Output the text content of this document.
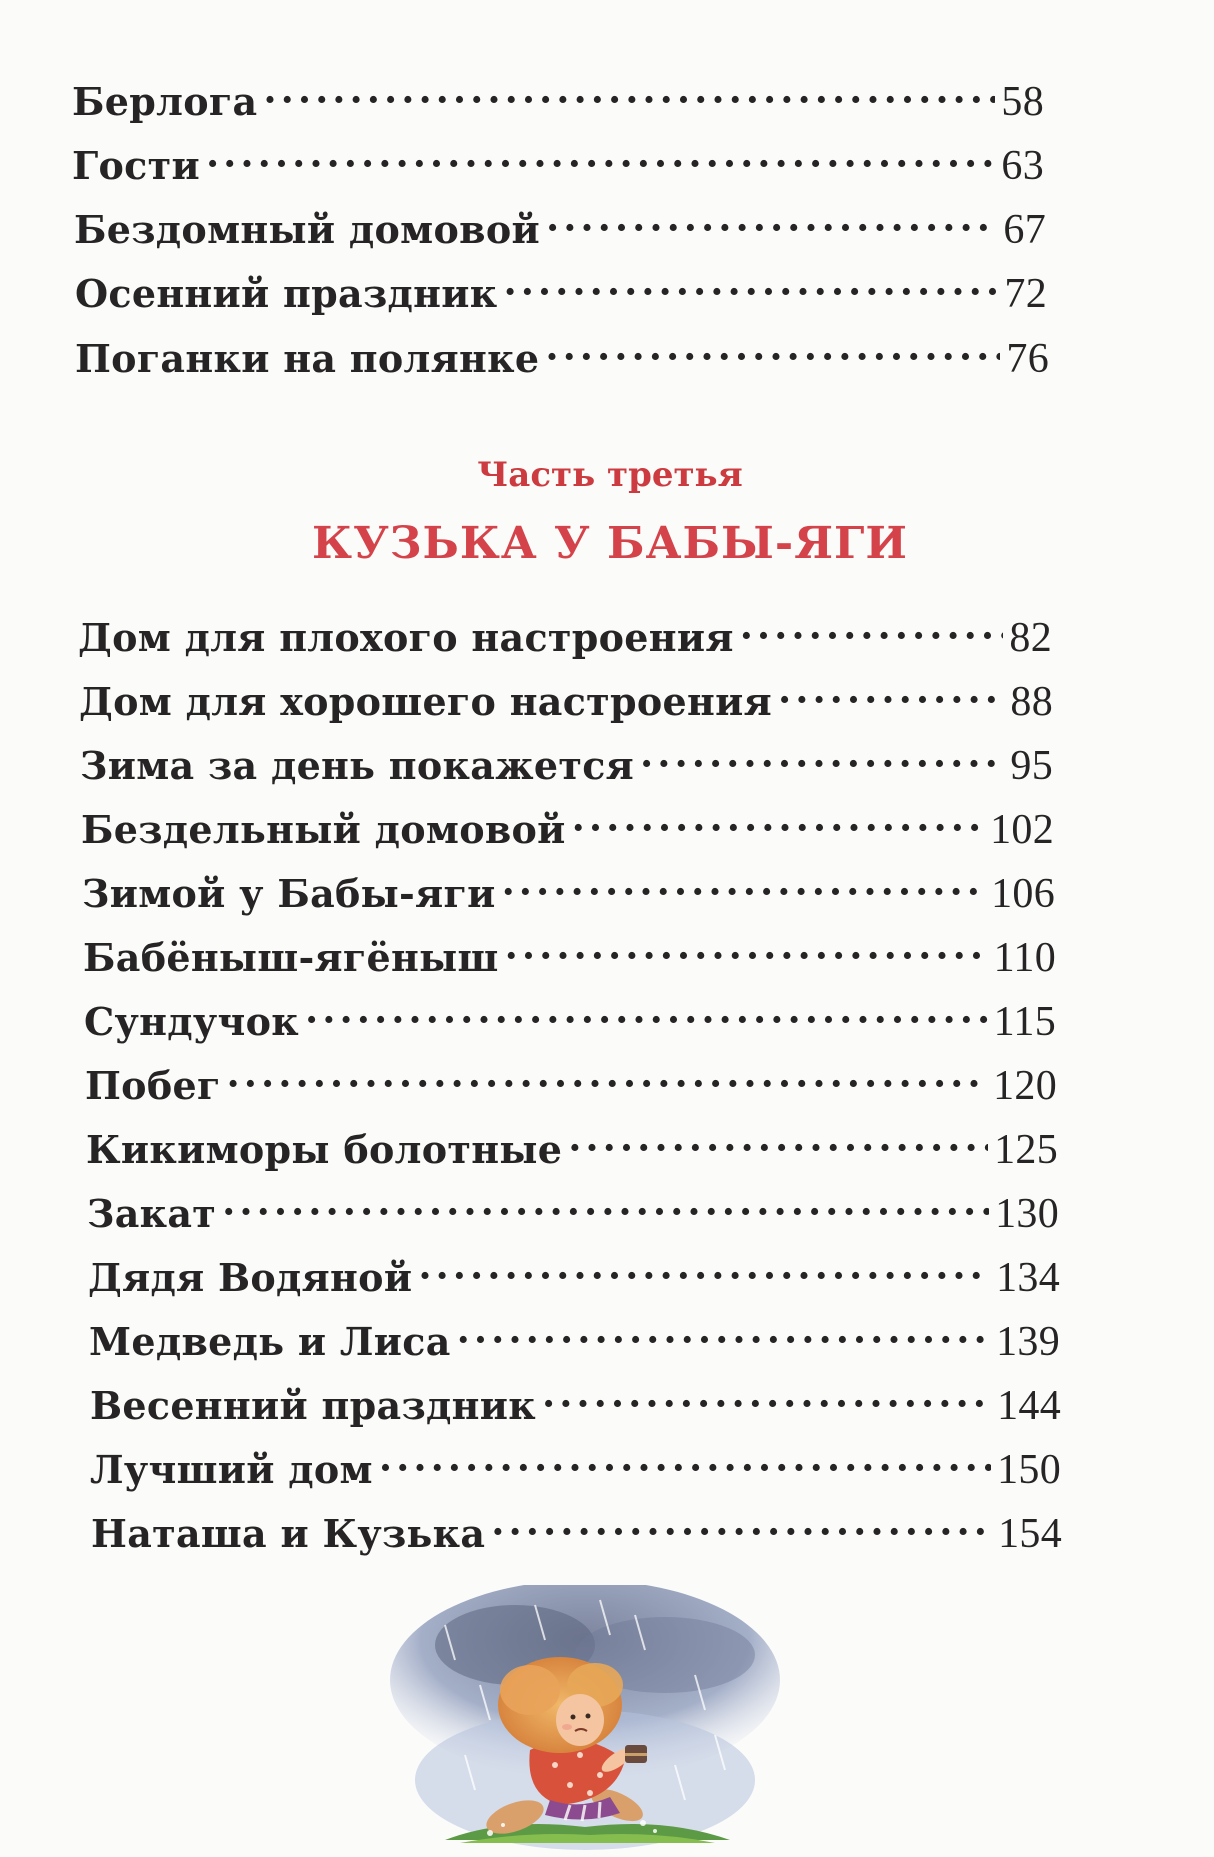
Берлога ·····	58
Гости ·····	63
Бездомный домовой ·····	67
Осенний праздник ·····	72
Поганки на полянке ·····	76
Часть третья
КУЗЬКА У БАБЫ-ЯГИ
Дом для плохого настроения ·····	82
Дом для хорошего настроения ·····	88
Зима за день покажется ·····	95
Бездельный домовой ·····	102
Зимой у Бабы-яги ·····	106
Бабёныш-ягёныш ·····	110
Сундучок ·····	115
Побег ·····	120
Кикиморы болотные ·····	125
Закат ·····	130
Дядя Водяной ·····	134
Медведь и Лиса ·····	139
Весенний праздник ·····	144
Лучший дом ·····	150
Наташа и Кузька ·····	154
